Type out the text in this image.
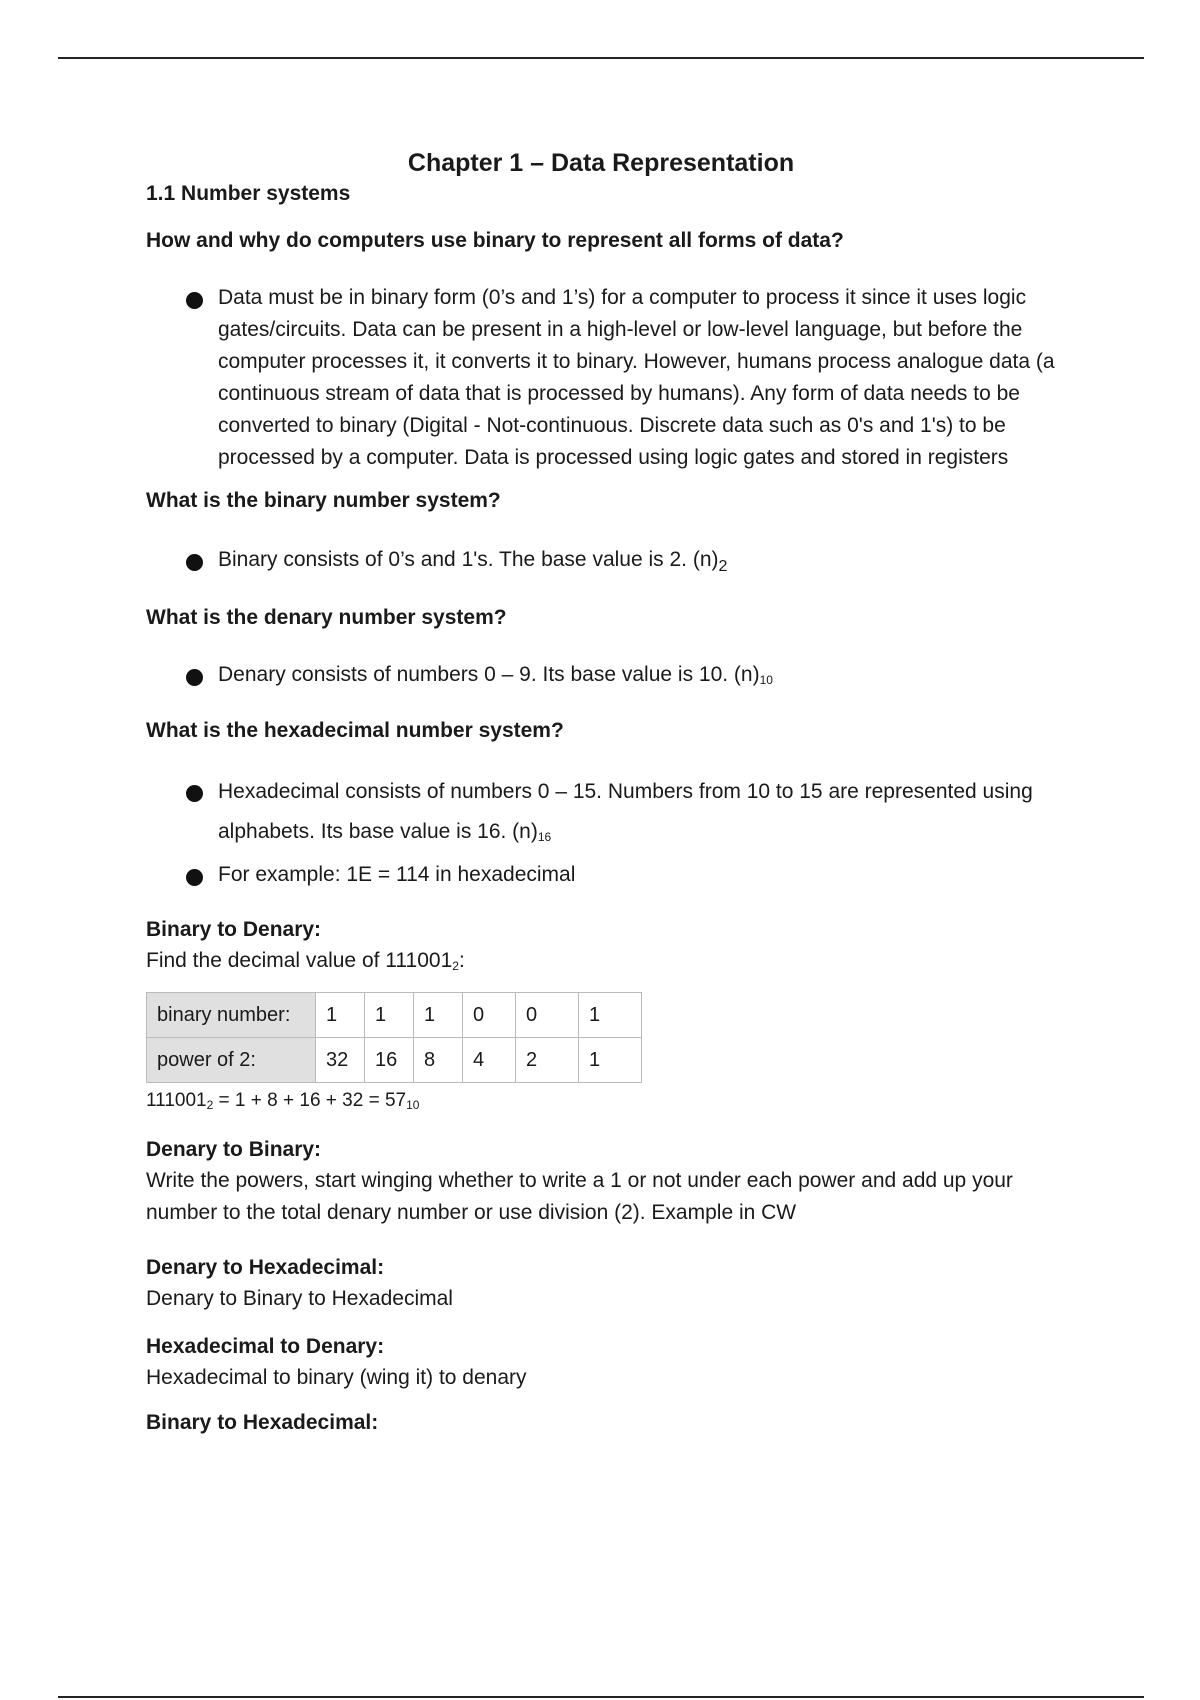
Chapter 1 – Data Representation
1.1 Number systems
How and why do computers use binary to represent all forms of data?
Data must be in binary form (0’s and 1’s) for a computer to process it since it uses logic gates/circuits. Data can be present in a high-level or low-level language, but before the computer processes it, it converts it to binary. However, humans process analogue data (a continuous stream of data that is processed by humans). Any form of data needs to be converted to binary (Digital - Not-continuous. Discrete data such as 0's and 1's) to be processed by a computer. Data is processed using logic gates and stored in registers
What is the binary number system?
Binary consists of 0’s and 1's. The base value is 2. $(n)_2$
What is the denary number system?
Denary consists of numbers 0 – 9. Its base value is 10. $(n)_{10}$
What is the hexadecimal number system?
Hexadecimal consists of numbers 0 – 15. Numbers from 10 to 15 are represented using alphabets. Its base value is 16. $(n)_{16}$
For example: 1E = 114 in hexadecimal
Binary to Denary:

Find the decimal value of $111001_2$:

binary number:	1	1	1	0	0	1
power of 2:	32	16	8	4	2	1

$111001_2 = 1 + 8 + 16 + 32 = 57_{10}$

Denary to Binary:

Write the powers, start winging whether to write a 1 or not under each power and add up your number to the total denary number or use division (2). Example in CW

Denary to Hexadecimal:

Denary to Binary to Hexadecimal

Hexadecimal to Denary:

Hexadecimal to binary (wing it) to denary

Binary to Hexadecimal:
